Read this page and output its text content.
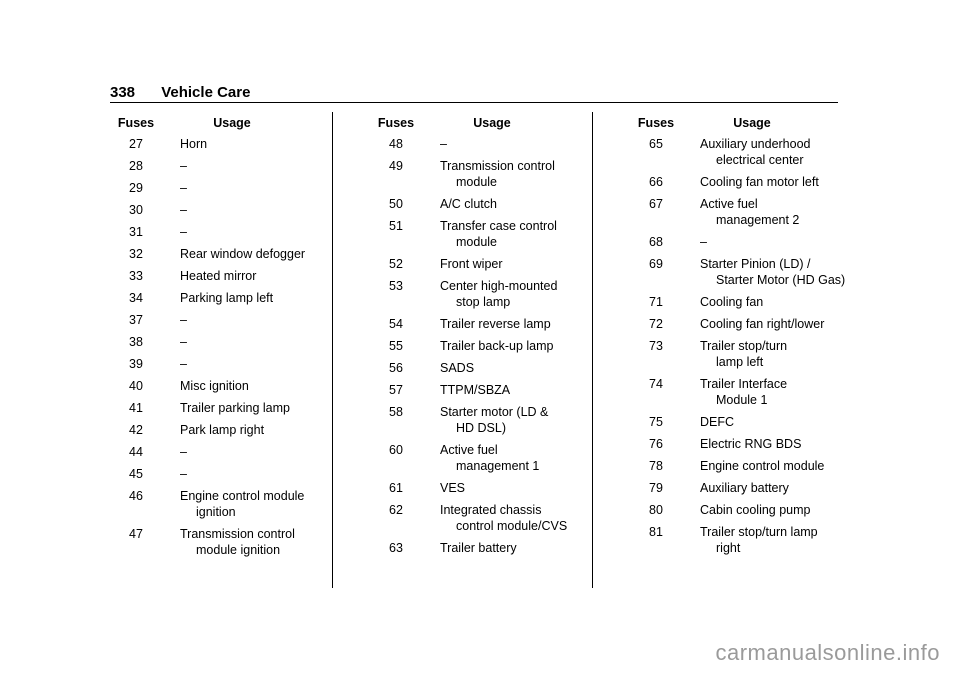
338 Vehicle Care
Fuses	Usage
27	Horn
28	–
29	–
30	–
31	–
32	Rear window defogger
33	Heated mirror
34	Parking lamp left
37	–
38	–
39	–
40	Misc ignition
41	Trailer parking lamp
42	Park lamp right
44	–
45	–
46	Engine control module
ignition
47	Transmission control
module ignition
Fuses	Usage
48	–
49	Transmission control
module
50	A/C clutch
51	Transfer case control
module
52	Front wiper
53	Center high-mounted
stop lamp
54	Trailer reverse lamp
55	Trailer back-up lamp
56	SADS
57	TTPM/SBZA
58	Starter motor (LD &
HD DSL)
60	Active fuel
management 1
61	VES
62	Integrated chassis
control module/CVS
63	Trailer battery
Fuses	Usage
65	Auxiliary underhood
electrical center
66	Cooling fan motor left
67	Active fuel
management 2
68	–
69	Starter Pinion (LD) /
Starter Motor (HD Gas)
71	Cooling fan
72	Cooling fan right/lower
73	Trailer stop/turn
lamp left
74	Trailer Interface
Module 1
75	DEFC
76	Electric RNG BDS
78	Engine control module
79	Auxiliary battery
80	Cabin cooling pump
81	Trailer stop/turn lamp
right
carmanualsonline.info
